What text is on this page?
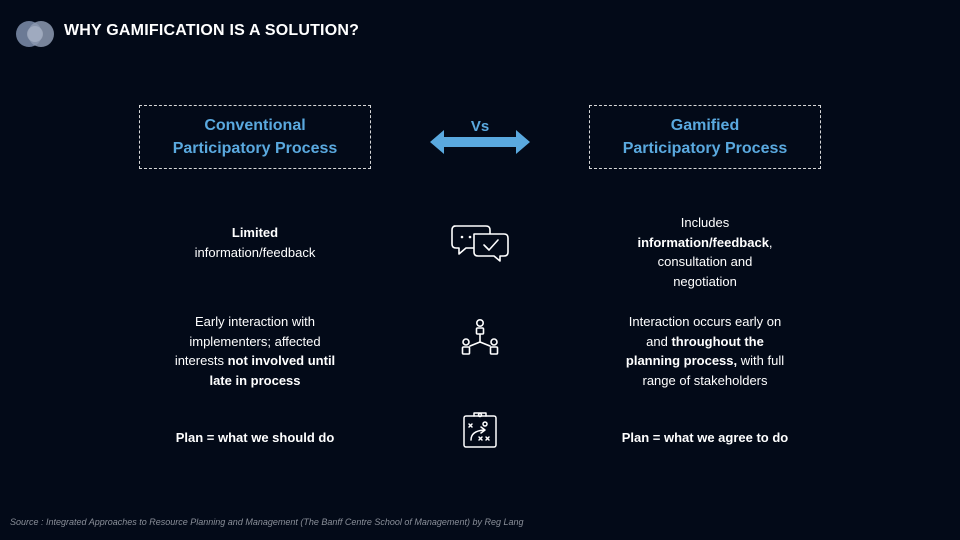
WHY GAMIFICATION IS A SOLUTION?
Conventional
Participatory Process
Vs	Gamified
Participatory Process
Limited
information/feedback
Includes
information/feedback,
consultation and
negotiation
Early interaction with
implementers; affected
interests not involved until
late in process
Interaction occurs early on
and throughout the
planning process, with full
range of stakeholders
Plan = what we should do	Plan = what we agree to do
Source : Integrated Approaches to Resource Planning and Management (The Banff Centre School of Management) by Reg Lang
